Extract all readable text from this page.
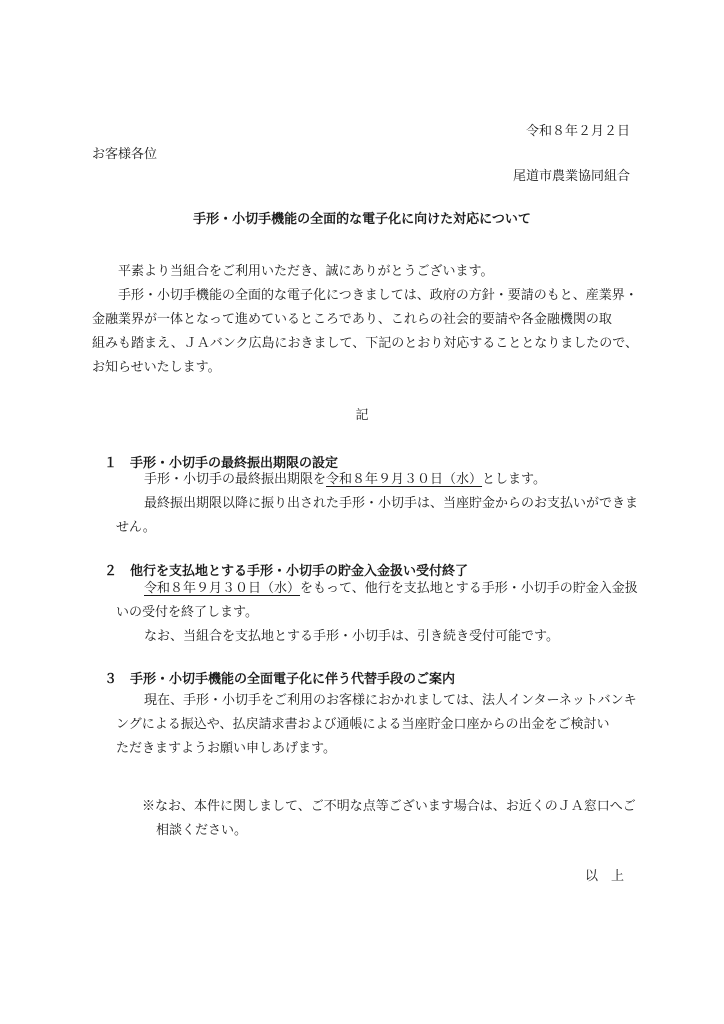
令和８年２月２日
お客様各位
尾道市農業協同組合
手形・小切手機能の全面的な電子化に向けた対応について
平素より当組合をご利用いただき、誠にありがとうございます。
手形・小切手機能の全面的な電子化につきましては、政府の方針・要請のもと、産業界・
金融業界が一体となって進めているところであり、これらの社会的要請や各金融機関の取
組みも踏まえ、ＪＡバンク広島におきまして、下記のとおり対応することとなりましたので、
お知らせいたします。
記
１ 手形・小切手の最終振出期限の設定
手形・小切手の最終振出期限を令和８年９月３０日（水）とします。
最終振出期限以降に振り出された手形・小切手は、当座貯金からのお支払いができま
せん。
２ 他行を支払地とする手形・小切手の貯金入金扱い受付終了
令和８年９月３０日（水）をもって、他行を支払地とする手形・小切手の貯金入金扱
いの受付を終了します。
なお、当組合を支払地とする手形・小切手は、引き続き受付可能です。
３ 手形・小切手機能の全面電子化に伴う代替手段のご案内
現在、手形・小切手をご利用のお客様におかれましては、法人インターネットバンキ
ングによる振込や、払戻請求書および通帳による当座貯金口座からの出金をご検討い
ただきますようお願い申しあげます。
※なお、本件に関しまして、ご不明な点等ございます場合は、お近くのＪＡ窓口へご
相談ください。
以　上
